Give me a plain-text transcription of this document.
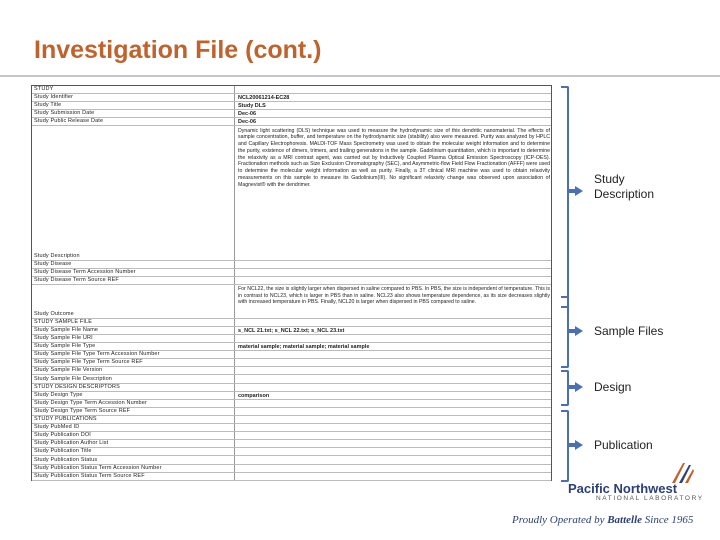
Investigation File (cont.)
STUDY
Study Identifier	NCL20061214-EC28
Study Title	Study DLS
Study Submission Date	Dec-06
Study Public Release Date	Dec-06
Study Description
Dynamic light scattering (DLS) technique was used to measure the hydrodynamic size of this dendritic nanomaterial. The effects of sample concentration, buffer, and temperature on the hydrodynamic size (stability) also were measured. Purity was analyzed by HPLC and Capillary Electrophoresis. MALDI-TOF Mass Spectrometry was used to obtain the molecular weight information and to determine the purity, existence of dimers, trimers, and trailing generations in the sample. Gadolinium quantitation, which is important to determine the relaxivity as a MRI contrast agent, was carried out by Inductively Coupled Plasma Optical Emission Spectroscopy (ICP-OES). Fractionation methods such as Size Exclusion Chromatography (SEC), and Asymmetric-flow Field Flow Fractionation (AFFF) were used to determine the molecular weight information as well as purity. Finally, a 3T clinical MRI machine was used to obtain relaxivity measurements on this sample to measure its Gadolinium(III). No significant relaxivity change was observed upon association of Magnevist® with the dendrimer.
Study Disease
Study Disease Term Accession Number
Study Disease Term Source REF
Study Outcome
For NCL22, the size is slightly larger when dispersed in saline compared to PBS. In PBS, the size is independent of temperature. This is in contrast to NCL23, which is larger in PBS than in saline. NCL23 also shows temperature dependence, as its size decreases slightly with increased temperature in PBS. Finally, NCL20 is larger when dispersed in PBS compared to saline.
STUDY SAMPLE FILE
Study Sample File Name	s_NCL 21.txt; s_NCL 22.txt; s_NCL 23.txt
Study Sample File URI
Study Sample File Type	material sample; material sample; material sample
Study Sample File Type Term Accession Number
Study Sample File Type Term Source REF
Study Sample File Version
Study Sample File Description
STUDY DESIGN DESCRIPTORS
Study Design Type	comparison
Study Design Type Term Accession Number
Study Design Type Term Source REF
STUDY PUBLICATIONS
Study PubMed ID
Study Publication DOI
Study Publication Author List
Study Publication Title
Study Publication Status
Study Publication Status Term Accession Number
Study Publication Status Term Source REF
Study
Description
Sample Files
Design
Publication
Pacific Northwest
NATIONAL LABORATORY
Proudly Operated by Battelle Since 1965
